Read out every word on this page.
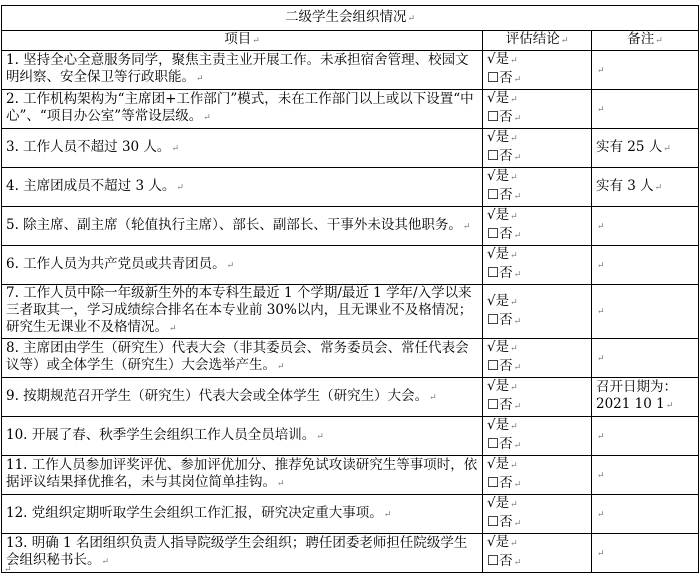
二级学生会组织情况↵		
项目↵	评估结论↵	备注↵
1. 坚持全心全意服务同学，聚焦主责主业开展工作。未承担宿舍管理、校园文明纠察、安全保卫等行政职能。↵	√是↵
☐否↵	↵
2. 工作机构架构为“主席团+工作部门”模式，未在工作部门以上或以下设置“中心”、“项目办公室”等常设层级。↵	√是↵
☐否↵	↵
3. 工作人员不超过 30 人。↵	√是↵
☐否↵	实有 25 人↵
4. 主席团成员不超过 3 人。↵	√是↵
☐否↵	实有 3 人↵
5. 除主席、副主席（轮值执行主席）、部长、副部长、干事外未设其他职务。↵	√是↵
☐否↵	↵
6. 工作人员为共产党员或共青团员。↵	√是↵
☐否↵	↵
7. 工作人员中除一年级新生外的本专科生最近 1 个学期/最近 1 学年/入学以来三者取其一，学习成绩综合排名在本专业前 30%以内，且无课业不及格情况；研究生无课业不及格情况。↵	√是↵
☐否↵	↵
8. 主席团由学生（研究生）代表大会（非其委员会、常务委员会、常任代表会议等）或全体学生（研究生）大会选举产生。↵	√是↵
☐否↵	↵
9. 按期规范召开学生（研究生）代表大会或全体学生（研究生）大会。↵	√是↵
☐否↵	召开日期为：2021 10 1↵
10. 开展了春、秋季学生会组织工作人员全员培训。↵	√是↵
☐否↵	↵
11. 工作人员参加评奖评优、参加评优加分、推荐免试攻读研究生等事项时，依据评议结果择优推名，未与其岗位简单挂钩。↵	√是↵
☐否↵	↵
12. 党组织定期听取学生会组织工作汇报，研究决定重大事项。↵	√是↵
☐否↵	↵
13. 明确 1 名团组织负责人指导院级学生会组织；聘任团委老师担任院级学生会组织秘书长。↵	√是↵
☐否↵	↵
↵
